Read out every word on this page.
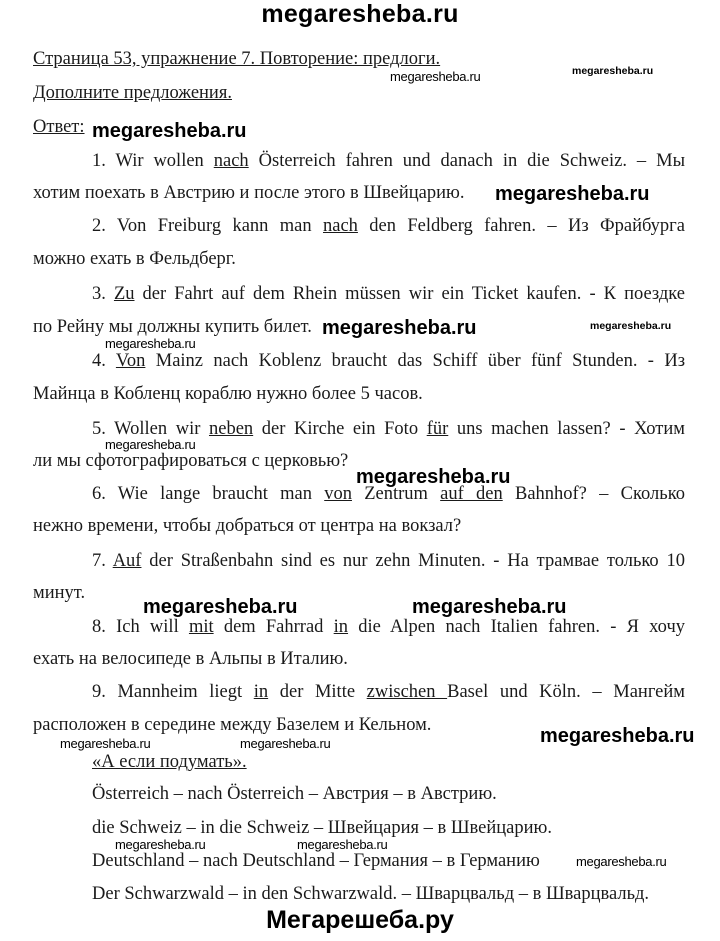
megaresheba.ru
Страница 53, упражнение 7. Повторение: предлоги.
Дополните предложения.
Ответ:
1. Wir wollen nach Österreich fahren und danach in die Schweiz. – Мы
хотим поехать в Австрию и после этого в Швейцарию.
2. Von Freiburg kann man nach den Feldberg fahren. – Из Фрайбурга
можно ехать в Фельдберг.
3. Zu der Fahrt auf dem Rhein müssen wir ein Ticket kaufen. - К поездке
по Рейну мы должны купить билет.
4. Von Mainz nach Koblenz braucht das Schiff über fünf Stunden. - Из
Майнца в Кобленц кораблю нужно более 5 часов.
5. Wollen wir neben der Kirche ein Foto für uns machen lassen? - Хотим
ли мы сфотографироваться с церковью?
6. Wie lange braucht man von Zentrum auf den Bahnhof? – Сколько
нежно времени, чтобы добраться от центра на вокзал?
7. Auf der Straßenbahn sind es nur zehn Minuten. - На трамвае только 10
минут.
8. Ich will mit dem Fahrrad in die Alpen nach Italien fahren. - Я хочу
ехать на велосипеде в Альпы в Италию.
9. Mannheim liegt in der Mitte zwischen Basel und Köln. – Мангейм
расположен в середине между Базелем и Кельном.
«А если подумать».
Österreich – nach Österreich – Австрия – в Австрию.
die Schweiz – in die Schweiz – Швейцария – в Швейцарию.
Deutschland – nach Deutschland – Германия – в Германию
Der Schwarzwald – in den Schwarzwald. – Шварцвальд – в Шварцвальд.
megaresheba.ru	megaresheba.ru
megaresheba.ru
megaresheba.ru
megaresheba.ru	megaresheba.ru
megaresheba.ru
megaresheba.ru
megaresheba.ru
megaresheba.ru	megaresheba.ru
megaresheba.ru
megaresheba.ru	megaresheba.ru
megaresheba.ru	megaresheba.ru
megaresheba.ru
Мегарешеба.ру
